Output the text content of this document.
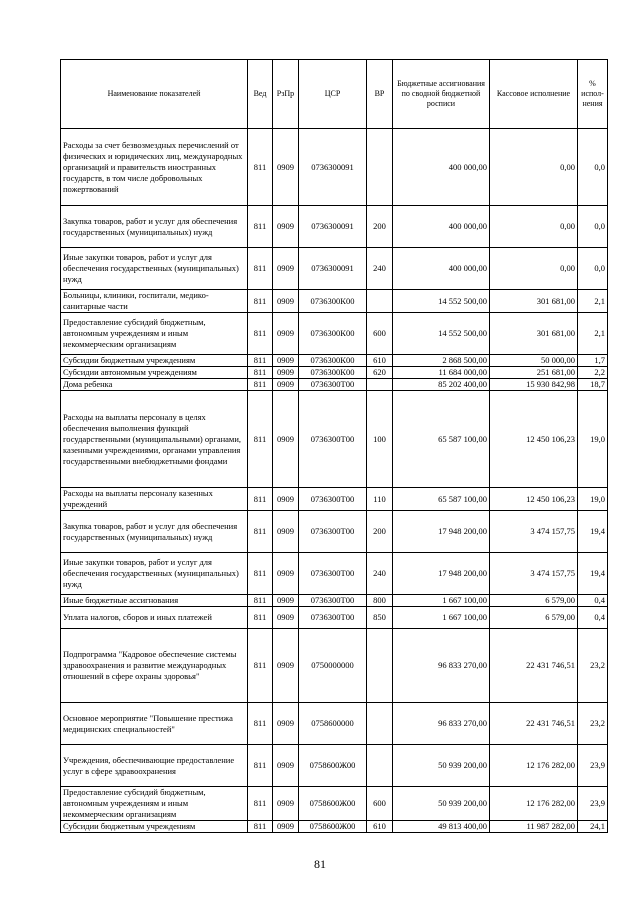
Наименование показателей	Вед	РзПр	ЦСР	ВР	Бюджетные ассигнования по сводной бюджетной росписи	Кассовое исполнение	% испол- нения
Расходы за счет безвозмездных перечислений от физических и юридических лиц, международных организаций и правительств иностранных государств, в том числе добровольных пожертвований	811	0909	0736300091		400 000,00	0,00	0,0
Закупка товаров, работ и услуг для обеспечения государственных (муниципальных) нужд	811	0909	0736300091	200	400 000,00	0,00	0,0
Иные закупки товаров, работ и услуг для обеспечения государственных (муниципальных) нужд	811	0909	0736300091	240	400 000,00	0,00	0,0
Больницы, клиники, госпитали, медико-санитарные части	811	0909	0736300К00		14 552 500,00	301 681,00	2,1
Предоставление субсидий бюджетным, автономным учреждениям и иным некоммерческим организациям	811	0909	0736300К00	600	14 552 500,00	301 681,00	2,1
Субсидии бюджетным учреждениям	811	0909	0736300К00	610	2 868 500,00	50 000,00	1,7
Субсидии автономным учреждениям	811	0909	0736300К00	620	11 684 000,00	251 681,00	2,2
Дома ребенка	811	0909	0736300Т00		85 202 400,00	15 930 842,98	18,7
Расходы на выплаты персоналу в целях обеспечения выполнения функций государственными (муниципальными) органами, казенными учреждениями, органами управления государственными внебюджетными фондами	811	0909	0736300Т00	100	65 587 100,00	12 450 106,23	19,0
Расходы на выплаты персоналу казенных учреждений	811	0909	0736300Т00	110	65 587 100,00	12 450 106,23	19,0
Закупка товаров, работ и услуг для обеспечения государственных (муниципальных) нужд	811	0909	0736300Т00	200	17 948 200,00	3 474 157,75	19,4
Иные закупки товаров, работ и услуг для обеспечения государственных (муниципальных) нужд	811	0909	0736300Т00	240	17 948 200,00	3 474 157,75	19,4
Иные бюджетные ассигнования	811	0909	0736300Т00	800	1 667 100,00	6 579,00	0,4
Уплата налогов, сборов и иных платежей	811	0909	0736300Т00	850	1 667 100,00	6 579,00	0,4
Подпрограмма "Кадровое обеспечение системы здравоохранения и развитие международных отношений в сфере охраны здоровья"	811	0909	0750000000		96 833 270,00	22 431 746,51	23,2
Основное мероприятие "Повышение престижа медицинских специальностей"	811	0909	0758600000		96 833 270,00	22 431 746,51	23,2
Учреждения, обеспечивающие предоставление услуг в сфере здравоохранения	811	0909	0758600Ж00		50 939 200,00	12 176 282,00	23,9
Предоставление субсидий бюджетным, автономным учреждениям и иным некоммерческим организациям	811	0909	0758600Ж00	600	50 939 200,00	12 176 282,00	23,9
Субсидии бюджетным учреждениям	811	0909	0758600Ж00	610	49 813 400,00	11 987 282,00	24,1
81
